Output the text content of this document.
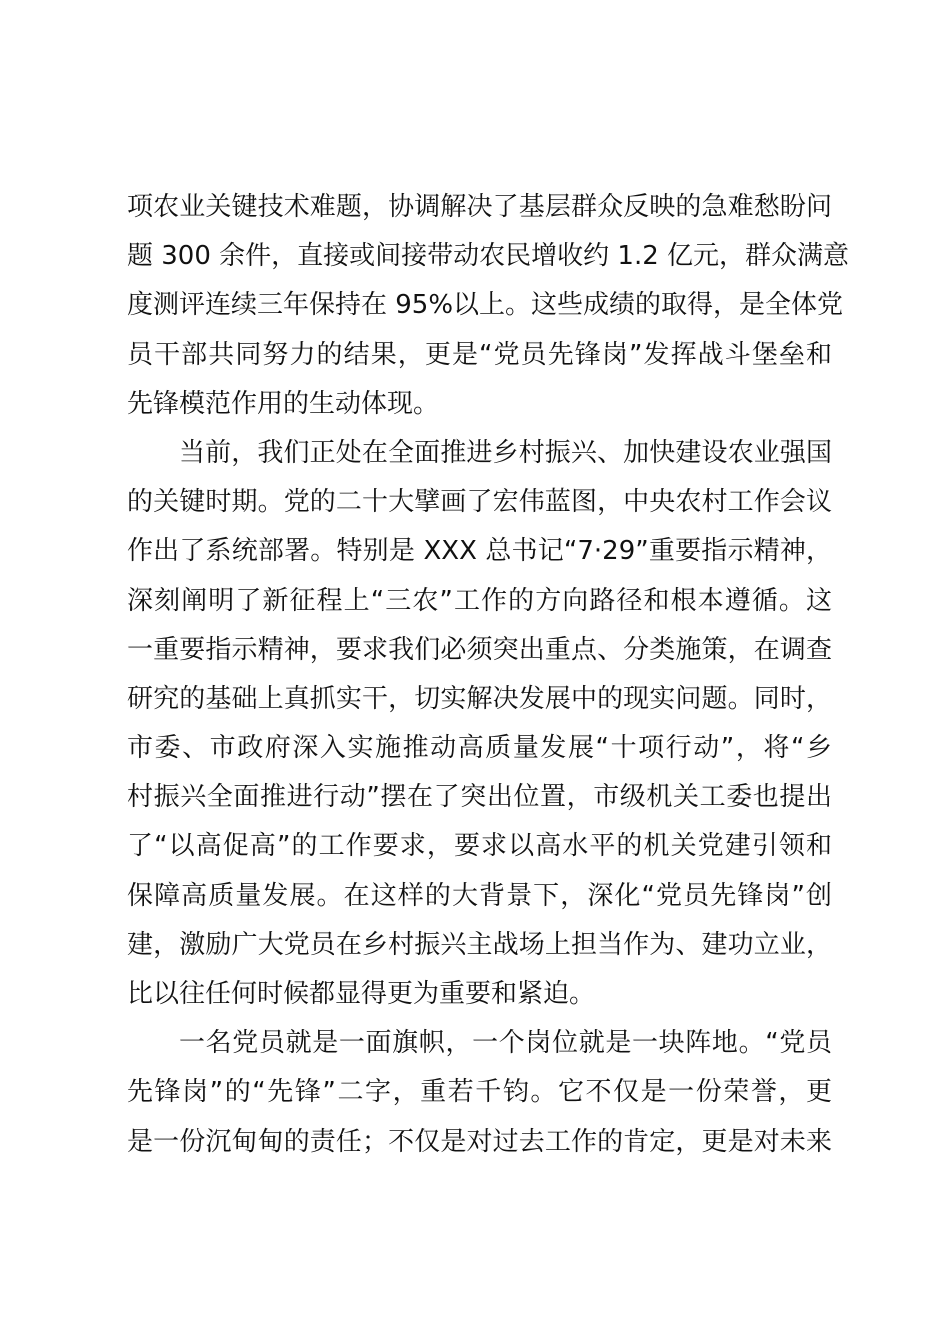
项农业关键技术难题，协调解决了基层群众反映的急难愁盼问
题 300 余件，直接或间接带动农民增收约 1.2 亿元，群众满意
度测评连续三年保持在 95%以上。这些成绩的取得，是全体党
员干部共同努力的结果，更是“党员先锋岗”发挥战斗堡垒和
先锋模范作用的生动体现。
当前，我们正处在全面推进乡村振兴、加快建设农业强国
的关键时期。党的二十大擘画了宏伟蓝图，中央农村工作会议
作出了系统部署。特别是 XXX 总书记“7·29”重要指示精神，
深刻阐明了新征程上“三农”工作的方向路径和根本遵循。这
一重要指示精神，要求我们必须突出重点、分类施策，在调查
研究的基础上真抓实干，切实解决发展中的现实问题。同时，
市委、市政府深入实施推动高质量发展“十项行动”，将“乡
村振兴全面推进行动”摆在了突出位置，市级机关工委也提出
了“以高促高”的工作要求，要求以高水平的机关党建引领和
保障高质量发展。在这样的大背景下，深化“党员先锋岗”创
建，激励广大党员在乡村振兴主战场上担当作为、建功立业，
比以往任何时候都显得更为重要和紧迫。
一名党员就是一面旗帜，一个岗位就是一块阵地。“党员
先锋岗”的“先锋”二字，重若千钧。它不仅是一份荣誉，更
是一份沉甸甸的责任；不仅是对过去工作的肯定，更是对未来
